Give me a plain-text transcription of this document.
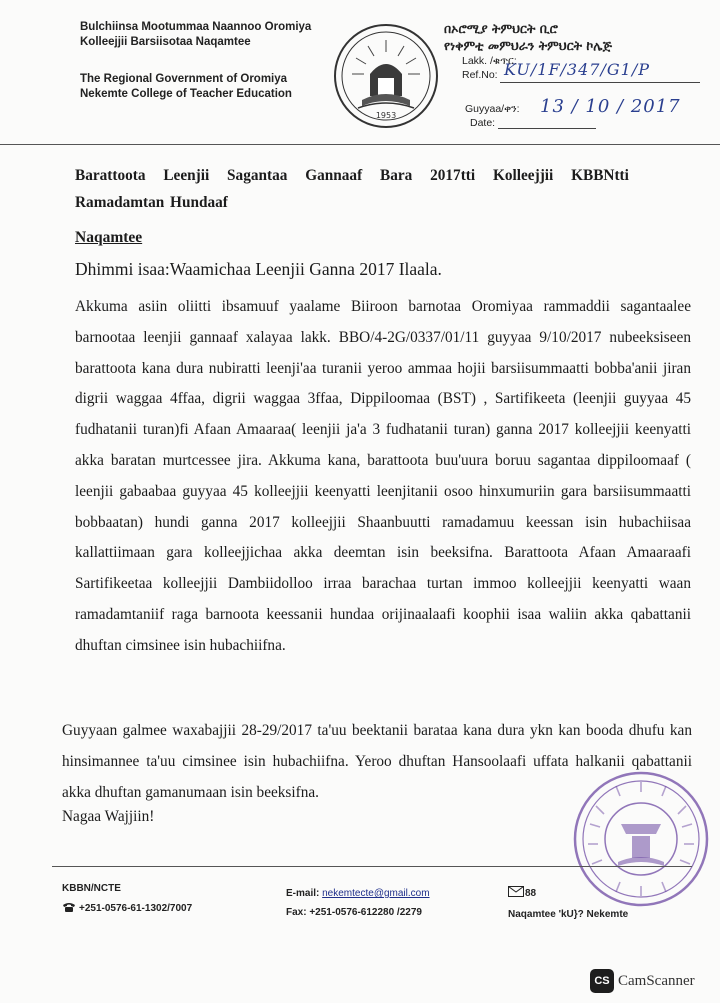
Bulchiinsa Mootummaa Naannoo Oromiya
Kolleejjii Barsiisotaa Naqamtee
The Regional Government of Oromiya
Nekemte College of Teacher Education
1953
በኦሮሚያ ትምህርት ቢሮ
የነቀምቲ መምህራን ትምህርት ኮሌጅ
Lakk. /ቁጥር:
Ref.No: KU/1F/347/G1/P
Guyyaa/ቀን:
Date:
13 / 10 / 2017
Barattoota Leenjii Sagantaa Gannaaf Bara 2017tti Kolleejjii KBBNtti
Ramadamtan Hundaaf
Naqamtee
Dhimmi isaa:Waamichaa Leenjii Ganna 2017 Ilaala.
Akkuma asiin oliitti ibsamuuf yaalame Biiroon barnotaa Oromiyaa rammaddii sagantaalee barnootaa leenjii gannaaf xalayaa lakk. BBO/4-2G/0337/01/11 guyyaa 9/10/2017 nubeeksiseen barattoota kana dura nubiratti leenji'aa turanii yeroo ammaa hojii barsiisummaatti bobba'anii jiran digrii waggaa 4ffaa, digrii waggaa 3ffaa, Dippiloomaa (BST) , Sartifikeeta (leenjii guyyaa 45 fudhatanii turan)fi Afaan Amaaraa( leenjii ja'a 3 fudhatanii turan) ganna 2017 kolleejjii keenyatti akka baratan murtcessee jira. Akkuma kana, barattoota buu'uura boruu sagantaa dippiloomaaf ( leenjii gabaabaa guyyaa 45 kolleejjii keenyatti leenjitanii osoo hinxumuriin gara barsiisummaatti bobbaatan) hundi ganna 2017 kolleejjii Shaanbuutti ramadamuu keessan isin hubachiisaa kallattiimaan gara kolleejjichaa akka deemtan isin beeksifna. Barattoota Afaan Amaaraafi Sartifikeetaa kolleejjii Dambiidolloo irraa barachaa turtan immoo kolleejjii keenyatti waan ramadamtaniif raga barnoota keessanii hundaa orijinaalaafi koophii isaa waliin akka qabattanii dhuftan cimsinee isin hubachiifna.
Guyyaan galmee waxabajjii 28-29/2017 ta'uu beektanii barataa kana dura ykn kan booda dhufu kan hinsimannee ta'uu cimsinee isin hubachiifna. Yeroo dhuftan Hansoolaafi uffata halkanii qabattanii akka dhuftan gamanumaan isin beeksifna.
Nagaa Wajjiin!
KBBN/NCTE
+251-0576-61-1302/7007
E-mail: nekemtecte@gmail.com
Fax: +251-0576-612280 /2279
88
Naqamtee 'kU}? Nekemte
CS CamScanner
